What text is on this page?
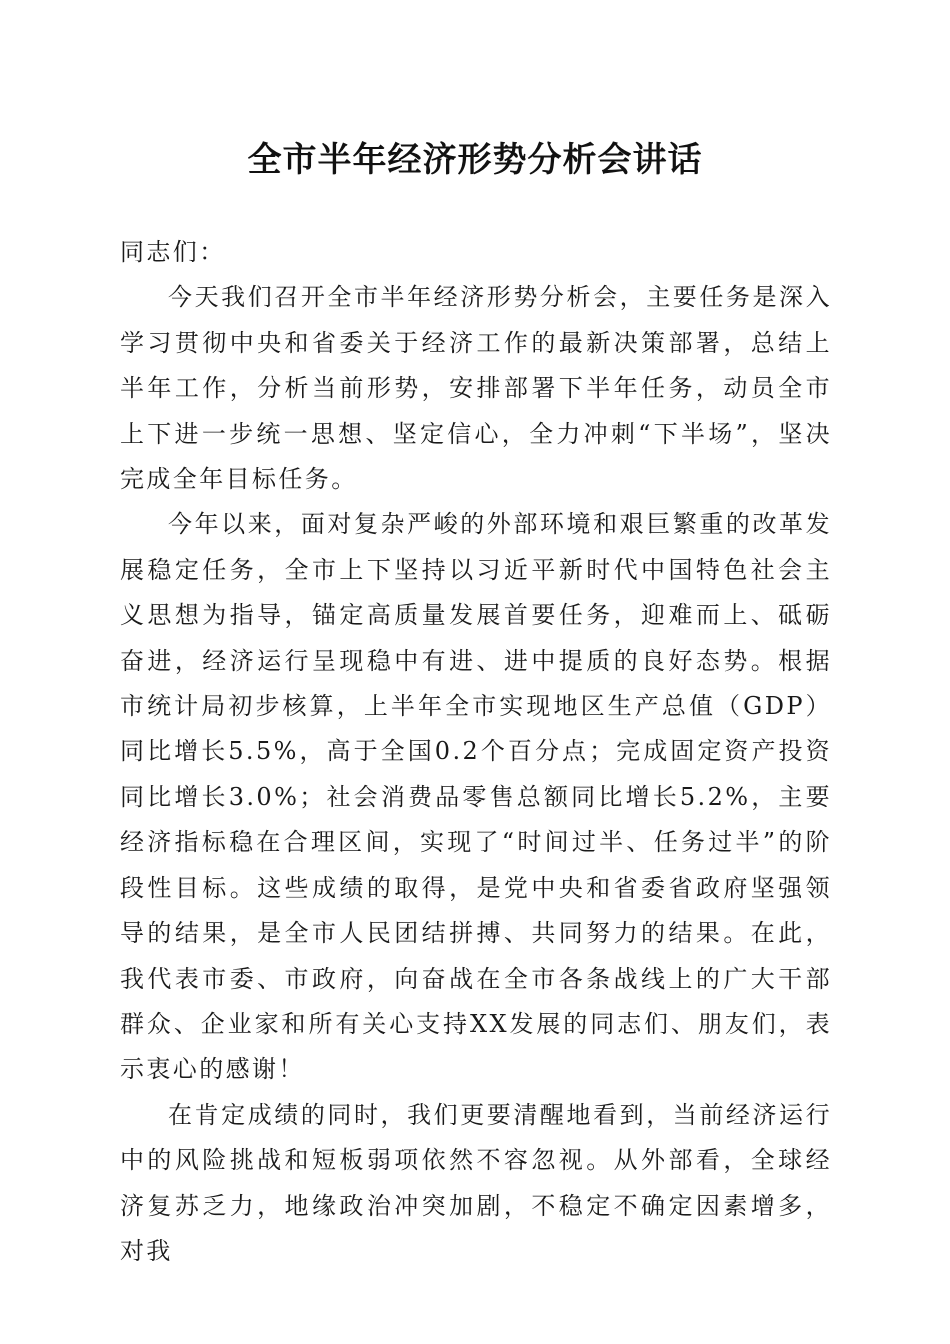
全市半年经济形势分析会讲话

同志们：

今天我们召开全市半年经济形势分析会，主要任务是深入学习贯彻中央和省委关于经济工作的最新决策部署，总结上半年工作，分析当前形势，安排部署下半年任务，动员全市上下进一步统一思想、坚定信心，全力冲刺“下半场”，坚决完成全年目标任务。

今年以来，面对复杂严峻的外部环境和艰巨繁重的改革发展稳定任务，全市上下坚持以习近平新时代中国特色社会主义思想为指导，锚定高质量发展首要任务，迎难而上、砥砺奋进，经济运行呈现稳中有进、进中提质的良好态势。根据市统计局初步核算，上半年全市实现地区生产总值（GDP）同比增长5.5%，高于全国0.2个百分点；完成固定资产投资同比增长3.0%；社会消费品零售总额同比增长5.2%，主要经济指标稳在合理区间，实现了“时间过半、任务过半”的阶段性目标。这些成绩的取得，是党中央和省委省政府坚强领导的结果，是全市人民团结拼搏、共同努力的结果。在此，我代表市委、市政府，向奋战在全市各条战线上的广大干部群众、企业家和所有关心支持XX发展的同志们、朋友们，表示衷心的感谢！

在肯定成绩的同时，我们更要清醒地看到，当前经济运行中的风险挑战和短板弱项依然不容忽视。从外部看，全球经济复苏乏力，地缘政治冲突加剧，不稳定不确定因素增多，对我
